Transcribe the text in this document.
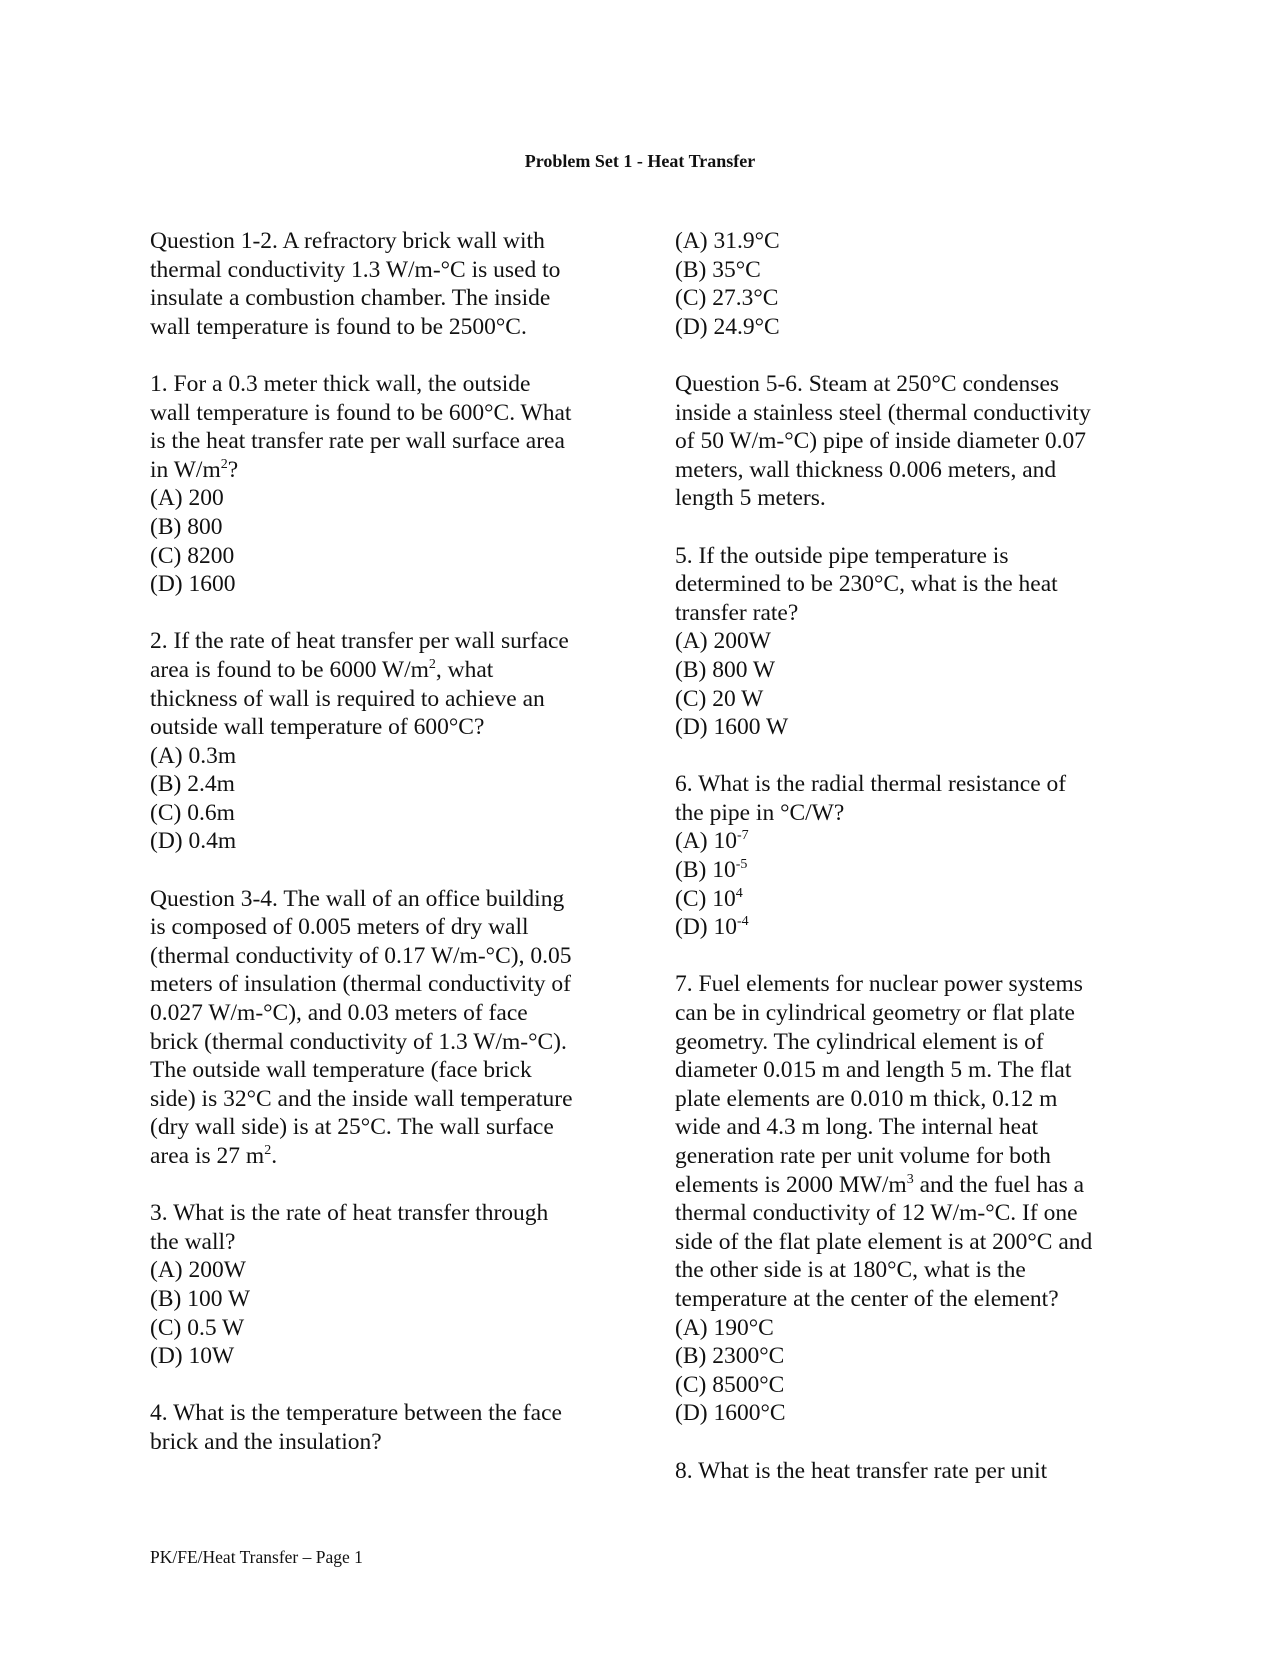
Problem Set 1 - Heat Transfer
Question 1-2. A refractory brick wall with
thermal conductivity 1.3 W/m-°C is used to
insulate a combustion chamber. The inside
wall temperature is found to be 2500°C.
1. For a 0.3 meter thick wall, the outside
wall temperature is found to be 600°C. What
is the heat transfer rate per wall surface area
in $W/m^2$?
(A) 200
(B) 800
(C) 8200
(D) 1600
2. If the rate of heat transfer per wall surface
area is found to be 6000 $W/m^2$, what
thickness of wall is required to achieve an
outside wall temperature of 600°C?
(A) 0.3m
(B) 2.4m
(C) 0.6m
(D) 0.4m
Question 3-4. The wall of an office building
is composed of 0.005 meters of dry wall
(thermal conductivity of 0.17 W/m-°C), 0.05
meters of insulation (thermal conductivity of
0.027 W/m-°C), and 0.03 meters of face
brick (thermal conductivity of 1.3 W/m-°C).
The outside wall temperature (face brick
side) is 32°C and the inside wall temperature
(dry wall side) is at 25°C. The wall surface
area is 27 $m^2$.
3. What is the rate of heat transfer through
the wall?
(A) 200W
(B) 100 W
(C) 0.5 W
(D) 10W
4. What is the temperature between the face
brick and the insulation?
(A) 31.9°C
(B) 35°C
(C) 27.3°C
(D) 24.9°C
Question 5-6. Steam at 250°C condenses
inside a stainless steel (thermal conductivity
of 50 W/m-°C) pipe of inside diameter 0.07
meters, wall thickness 0.006 meters, and
length 5 meters.
5. If the outside pipe temperature is
determined to be 230°C, what is the heat
transfer rate?
(A) 200W
(B) 800 W
(C) 20 W
(D) 1600 W
6. What is the radial thermal resistance of
the pipe in °C/W?
(A) $10^{-7}$
(B) $10^{-5}$
(C) $10^4$
(D) $10^{-4}$
7. Fuel elements for nuclear power systems
can be in cylindrical geometry or flat plate
geometry. The cylindrical element is of
diameter 0.015 m and length 5 m. The flat
plate elements are 0.010 m thick, 0.12 m
wide and 4.3 m long. The internal heat
generation rate per unit volume for both
elements is 2000 $MW/m^3$ and the fuel has a
thermal conductivity of 12 W/m-°C. If one
side of the flat plate element is at 200°C and
the other side is at 180°C, what is the
temperature at the center of the element?
(A) 190°C
(B) 2300°C
(C) 8500°C
(D) 1600°C
8. What is the heat transfer rate per unit
PK/FE/Heat Transfer – Page 1
